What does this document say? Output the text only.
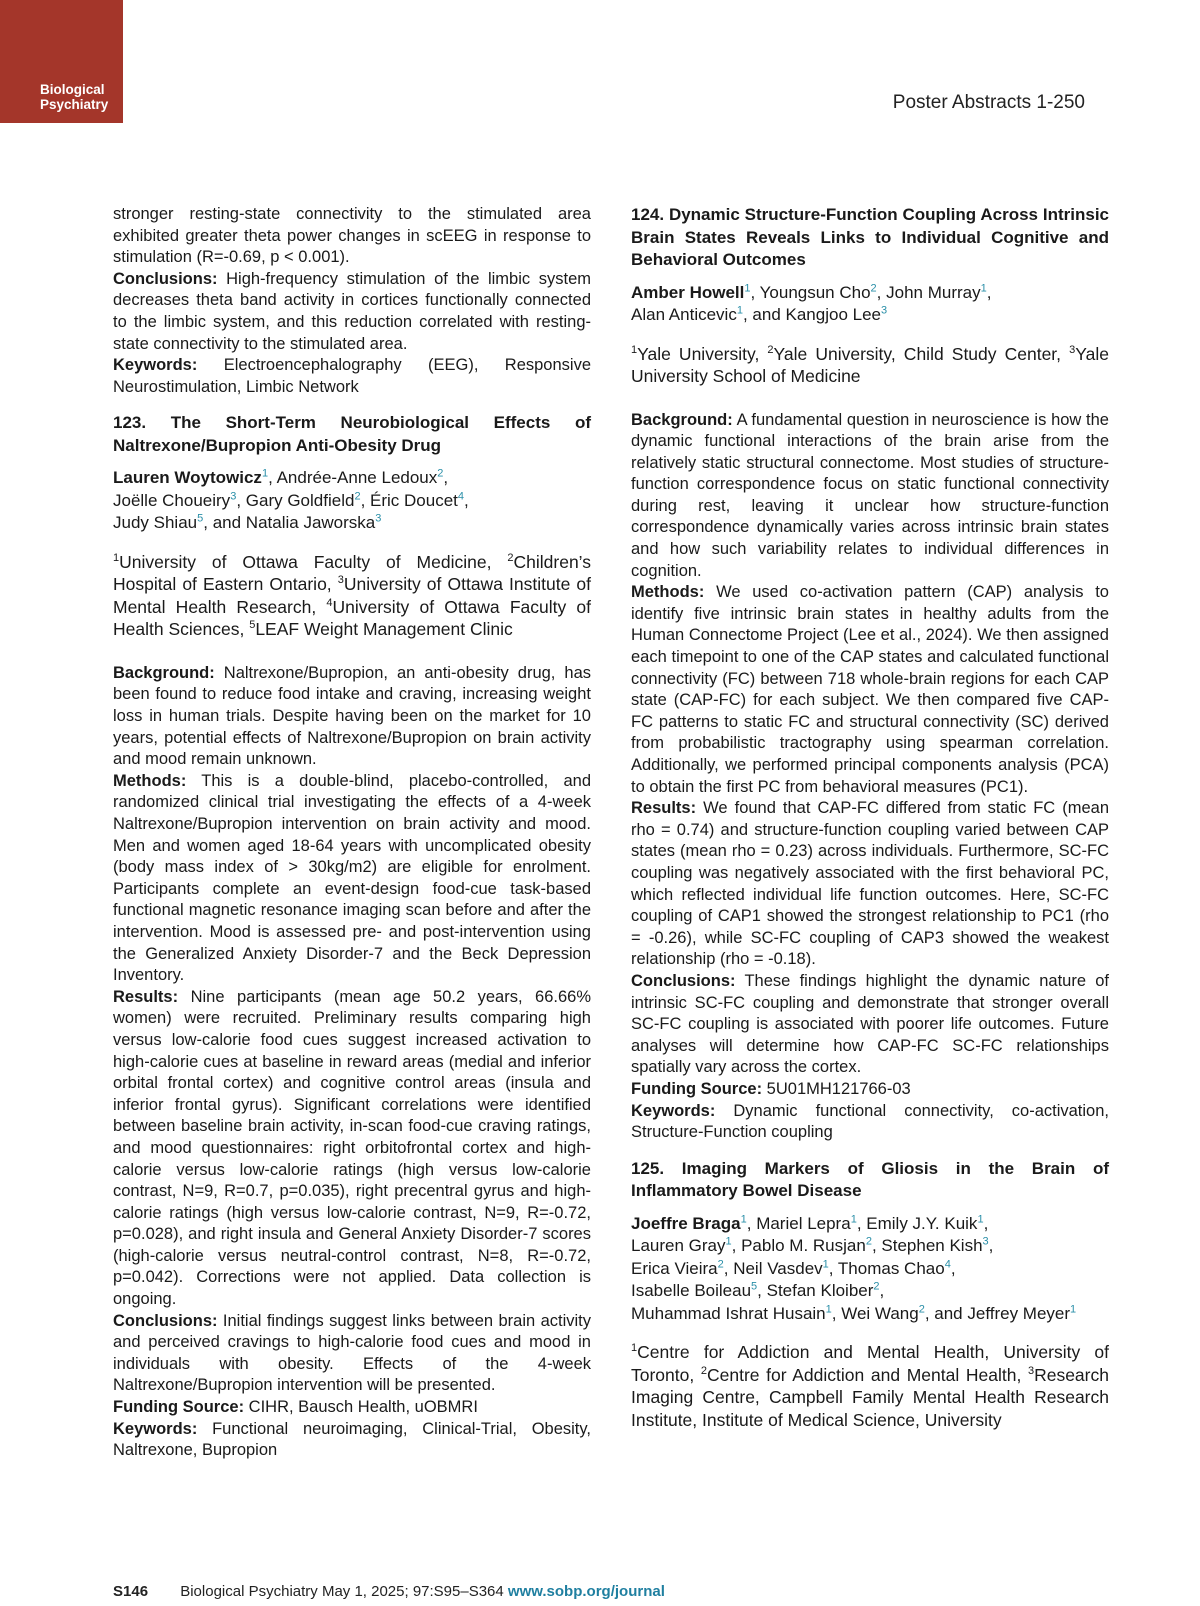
Biological
Psychiatry	Poster Abstracts 1-250

stronger resting-state connectivity to the stimulated area exhibited greater theta power changes in scEEG in response to stimulation (R=-0.69, p < 0.001).

Conclusions: High-frequency stimulation of the limbic system decreases theta band activity in cortices functionally connected to the limbic system, and this reduction correlated with resting-state connectivity to the stimulated area.

Keywords: Electroencephalography (EEG), Responsive Neurostimulation, Limbic Network

123. The Short-Term Neurobiological Effects of Naltrexone/Bupropion Anti-Obesity Drug
Lauren Woytowicz$^1$, Andrée-Anne Ledoux$^2$,
Joëlle Choueiry$^3$, Gary Goldfield$^2$, Éric Doucet$^4$,
Judy Shiau$^5$, and Natalia Jaworska$^3$
$^1$University of Ottawa Faculty of Medicine, $^2$Children’s Hospital of Eastern Ontario, $^3$University of Ottawa Institute of Mental Health Research, $^4$University of Ottawa Faculty of Health Sciences, $^5$LEAF Weight Management Clinic

Background: Naltrexone/Bupropion, an anti-obesity drug, has been found to reduce food intake and craving, increasing weight loss in human trials. Despite having been on the market for 10 years, potential effects of Naltrexone/Bupropion on brain activity and mood remain unknown.

Methods: This is a double-blind, placebo-controlled, and randomized clinical trial investigating the effects of a 4-week Naltrexone/Bupropion intervention on brain activity and mood. Men and women aged 18-64 years with uncomplicated obesity (body mass index of > 30kg/m2) are eligible for enrolment. Participants complete an event-design food-cue task-based functional magnetic resonance imaging scan before and after the intervention. Mood is assessed pre- and post-intervention using the Generalized Anxiety Disorder-7 and the Beck Depression Inventory.

Results: Nine participants (mean age 50.2 years, 66.66% women) were recruited. Preliminary results comparing high versus low-calorie food cues suggest increased activation to high-calorie cues at baseline in reward areas (medial and inferior orbital frontal cortex) and cognitive control areas (insula and inferior frontal gyrus). Significant correlations were identified between baseline brain activity, in-scan food-cue craving ratings, and mood questionnaires: right orbitofrontal cortex and high-calorie versus low-calorie ratings (high versus low-calorie contrast, N=9, R=0.7, p=0.035), right precentral gyrus and high-calorie ratings (high versus low-calorie contrast, N=9, R=-0.72, p=0.028), and right insula and General Anxiety Disorder-7 scores (high-calorie versus neutral-control contrast, N=8, R=-0.72, p=0.042). Corrections were not applied. Data collection is ongoing.

Conclusions: Initial findings suggest links between brain activity and perceived cravings to high-calorie food cues and mood in individuals with obesity. Effects of the 4-week Naltrexone/Bupropion intervention will be presented.

Funding Source: CIHR, Bausch Health, uOBMRI

Keywords: Functional neuroimaging, Clinical-Trial, Obesity, Naltrexone, Bupropion

124. Dynamic Structure-Function Coupling Across Intrinsic Brain States Reveals Links to Individual Cognitive and Behavioral Outcomes
Amber Howell$^1$, Youngsun Cho$^2$, John Murray$^1$,
Alan Anticevic$^1$, and Kangjoo Lee$^3$
$^1$Yale University, $^2$Yale University, Child Study Center, $^3$Yale University School of Medicine

Background: A fundamental question in neuroscience is how the dynamic functional interactions of the brain arise from the relatively static structural connectome. Most studies of structure-function correspondence focus on static functional connectivity during rest, leaving it unclear how structure-function correspondence dynamically varies across intrinsic brain states and how such variability relates to individual differences in cognition.

Methods: We used co-activation pattern (CAP) analysis to identify five intrinsic brain states in healthy adults from the Human Connectome Project (Lee et al., 2024). We then assigned each timepoint to one of the CAP states and calculated functional connectivity (FC) between 718 whole-brain regions for each CAP state (CAP-FC) for each subject. We then compared five CAP-FC patterns to static FC and structural connectivity (SC) derived from probabilistic tractography using spearman correlation. Additionally, we performed principal components analysis (PCA) to obtain the first PC from behavioral measures (PC1).

Results: We found that CAP-FC differed from static FC (mean rho = 0.74) and structure-function coupling varied between CAP states (mean rho = 0.23) across individuals. Furthermore, SC-FC coupling was negatively associated with the first behavioral PC, which reflected individual life function outcomes. Here, SC-FC coupling of CAP1 showed the strongest relationship to PC1 (rho = -0.26), while SC-FC coupling of CAP3 showed the weakest relationship (rho = -0.18).

Conclusions: These findings highlight the dynamic nature of intrinsic SC-FC coupling and demonstrate that stronger overall SC-FC coupling is associated with poorer life outcomes. Future analyses will determine how CAP-FC SC-FC relationships spatially vary across the cortex.

Funding Source: 5U01MH121766-03

Keywords: Dynamic functional connectivity, co-activation, Structure-Function coupling

125. Imaging Markers of Gliosis in the Brain of Inflammatory Bowel Disease
Joeffre Braga$^1$, Mariel Lepra$^1$, Emily J.Y. Kuik$^1$,
Lauren Gray$^1$, Pablo M. Rusjan$^2$, Stephen Kish$^3$,
Erica Vieira$^2$, Neil Vasdev$^1$, Thomas Chao$^4$,
Isabelle Boileau$^5$, Stefan Kloiber$^2$,
Muhammad Ishrat Husain$^1$, Wei Wang$^2$, and Jeffrey Meyer$^1$
$^1$Centre for Addiction and Mental Health, University of Toronto, $^2$Centre for Addiction and Mental Health, $^3$Research Imaging Centre, Campbell Family Mental Health Research Institute, Institute of Medical Science, University
S146 Biological Psychiatry May 1, 2025; 97:S95–S364 www.sobp.org/journal
